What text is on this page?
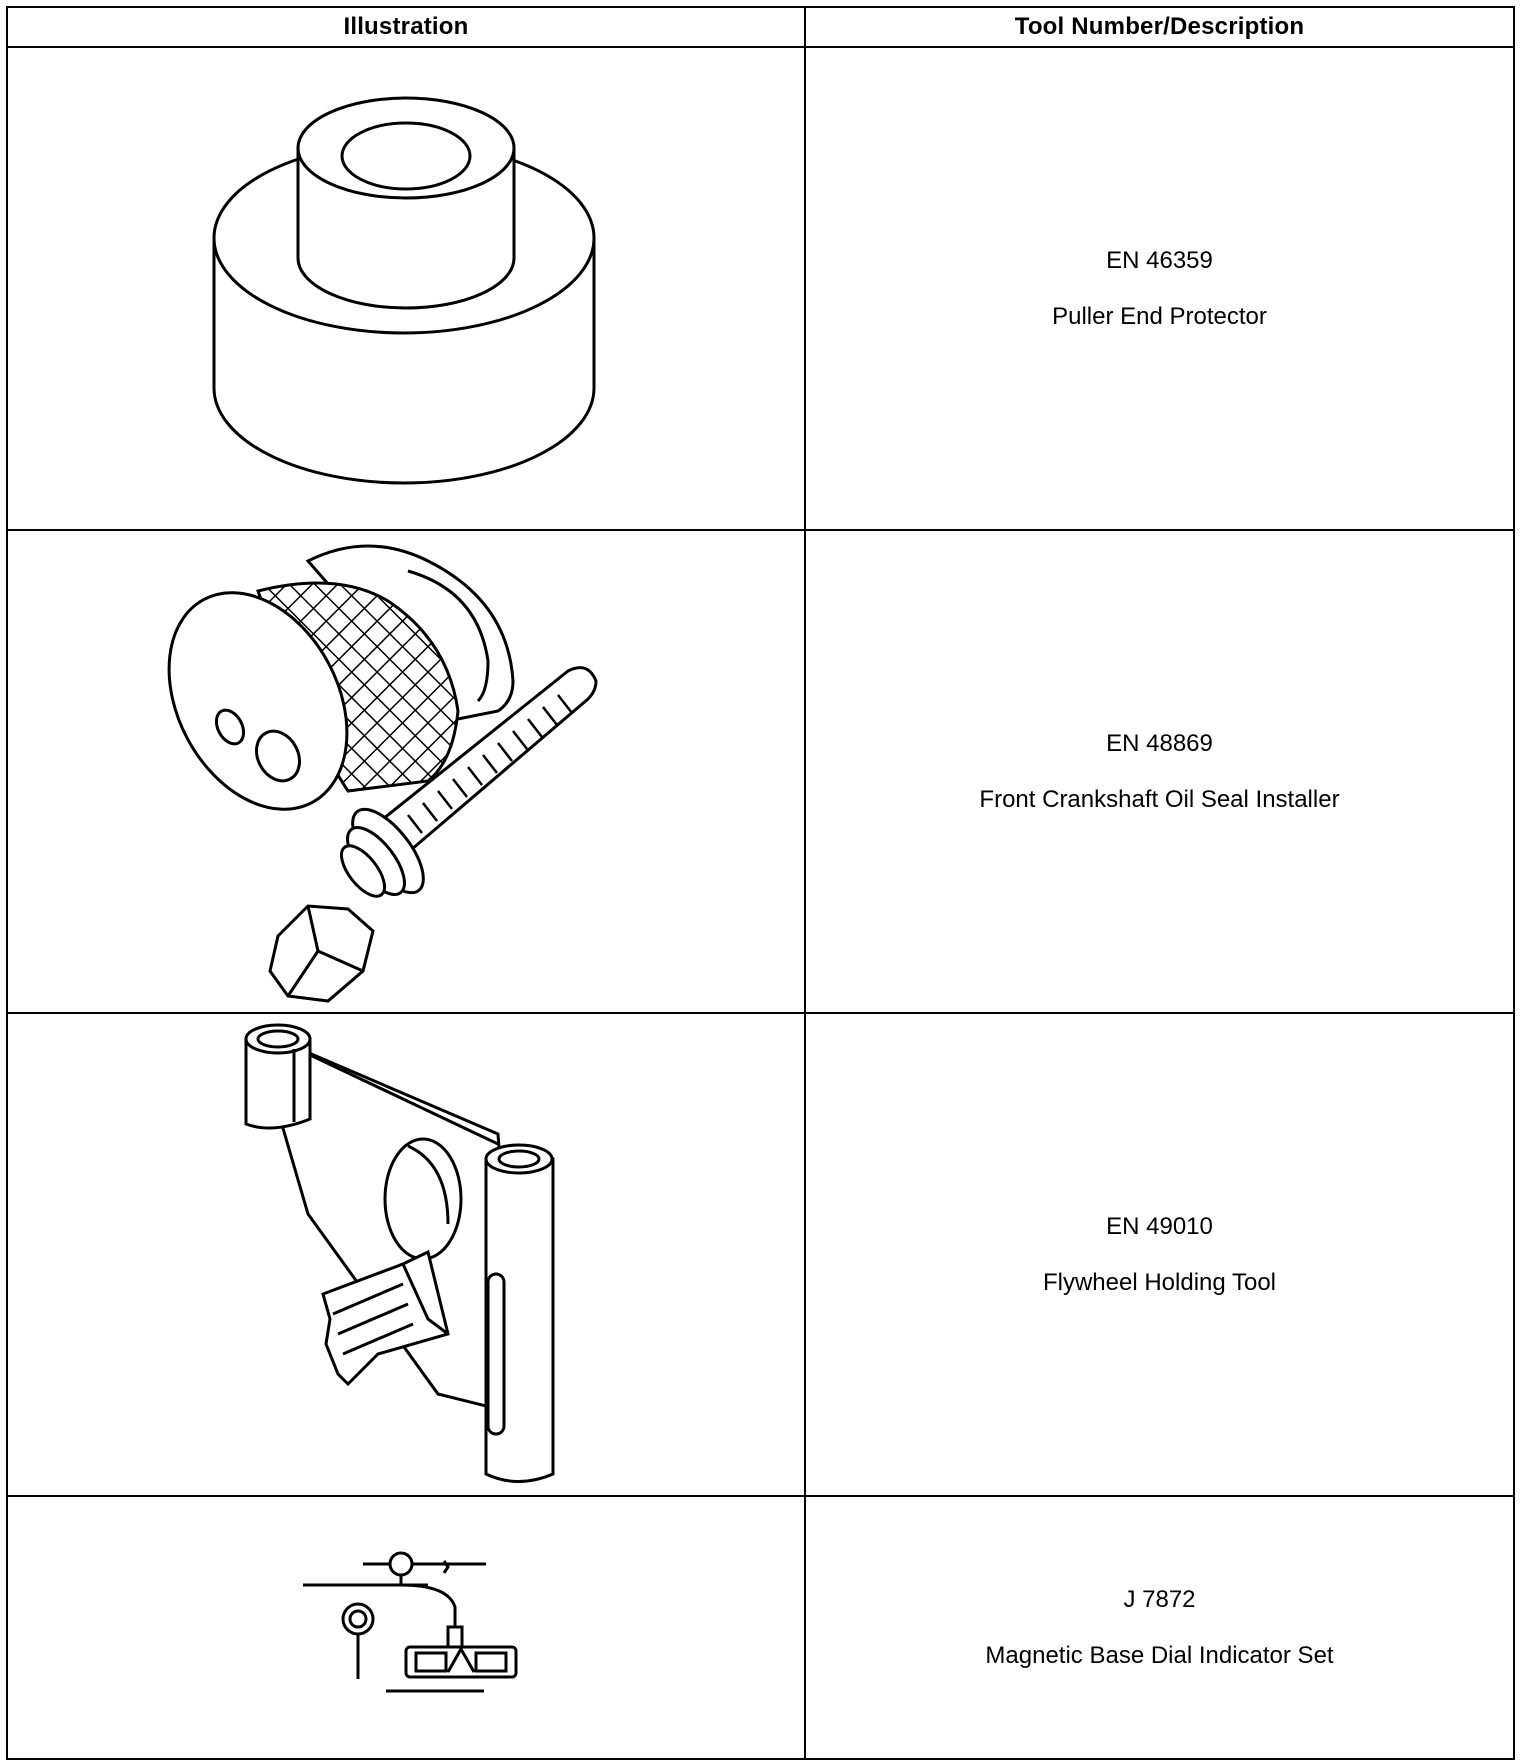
Illustration	Tool Number/Description
EN 46359
Puller End Protector
EN 48869
Front Crankshaft Oil Seal Installer
EN 49010
Flywheel Holding Tool
J 7872
Magnetic Base Dial Indicator Set
